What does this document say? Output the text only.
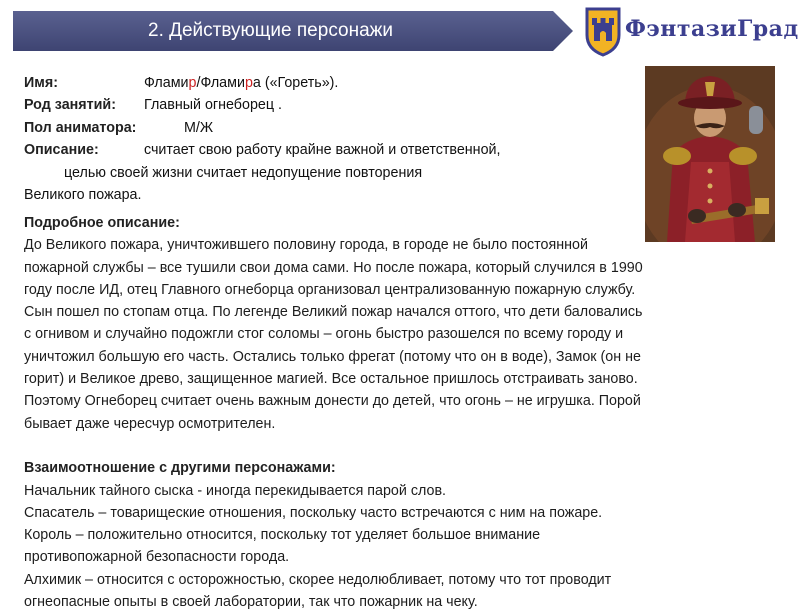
2. Действующие персонажи	ФэнтазиГрад
Имя:	Фламир/Фламира («Гореть»).
Род занятий: Главный огнеборец .
Пол аниматора:	М/Ж
Описание:	считает свою работу крайне важной и ответственной,
целью своей жизни считает недопущение повторения
Великого пожара.
Подробное описание:
До Великого пожара, уничтожившего половину города, в городе не было постоянной
пожарной службы – все тушили свои дома сами. Но после пожара, который случился в 1990
году после ИД, отец Главного огнеборца организовал централизованную пожарную службу.
Сын пошел по стопам отца. По легенде Великий пожар начался оттого, что дети баловались
с огнивом и случайно подожгли стог соломы – огонь быстро разошелся по всему городу и
уничтожил большую его часть. Остались только фрегат (потому что он в воде), Замок (он не
горит) и Великое древо, защищенное магией. Все остальное пришлось отстраивать заново.
Поэтому Огнеборец считает очень важным донести до детей, что огонь – не игрушка. Порой
бывает даже чересчур осмотрителен.
Взаимоотношение с другими персонажами:
Начальник тайного сыска - иногда перекидывается парой слов.
Спасатель – товарищеские отношения, поскольку часто встречаются с ним на пожаре.
Король – положительно относится, поскольку тот уделяет большое внимание
противопожарной безопасности города.
Алхимик – относится с осторожностью, скорее недолюбливает, потому что тот проводит
огнеопасные опыты в своей лаборатории, так что пожарник на чеку.
